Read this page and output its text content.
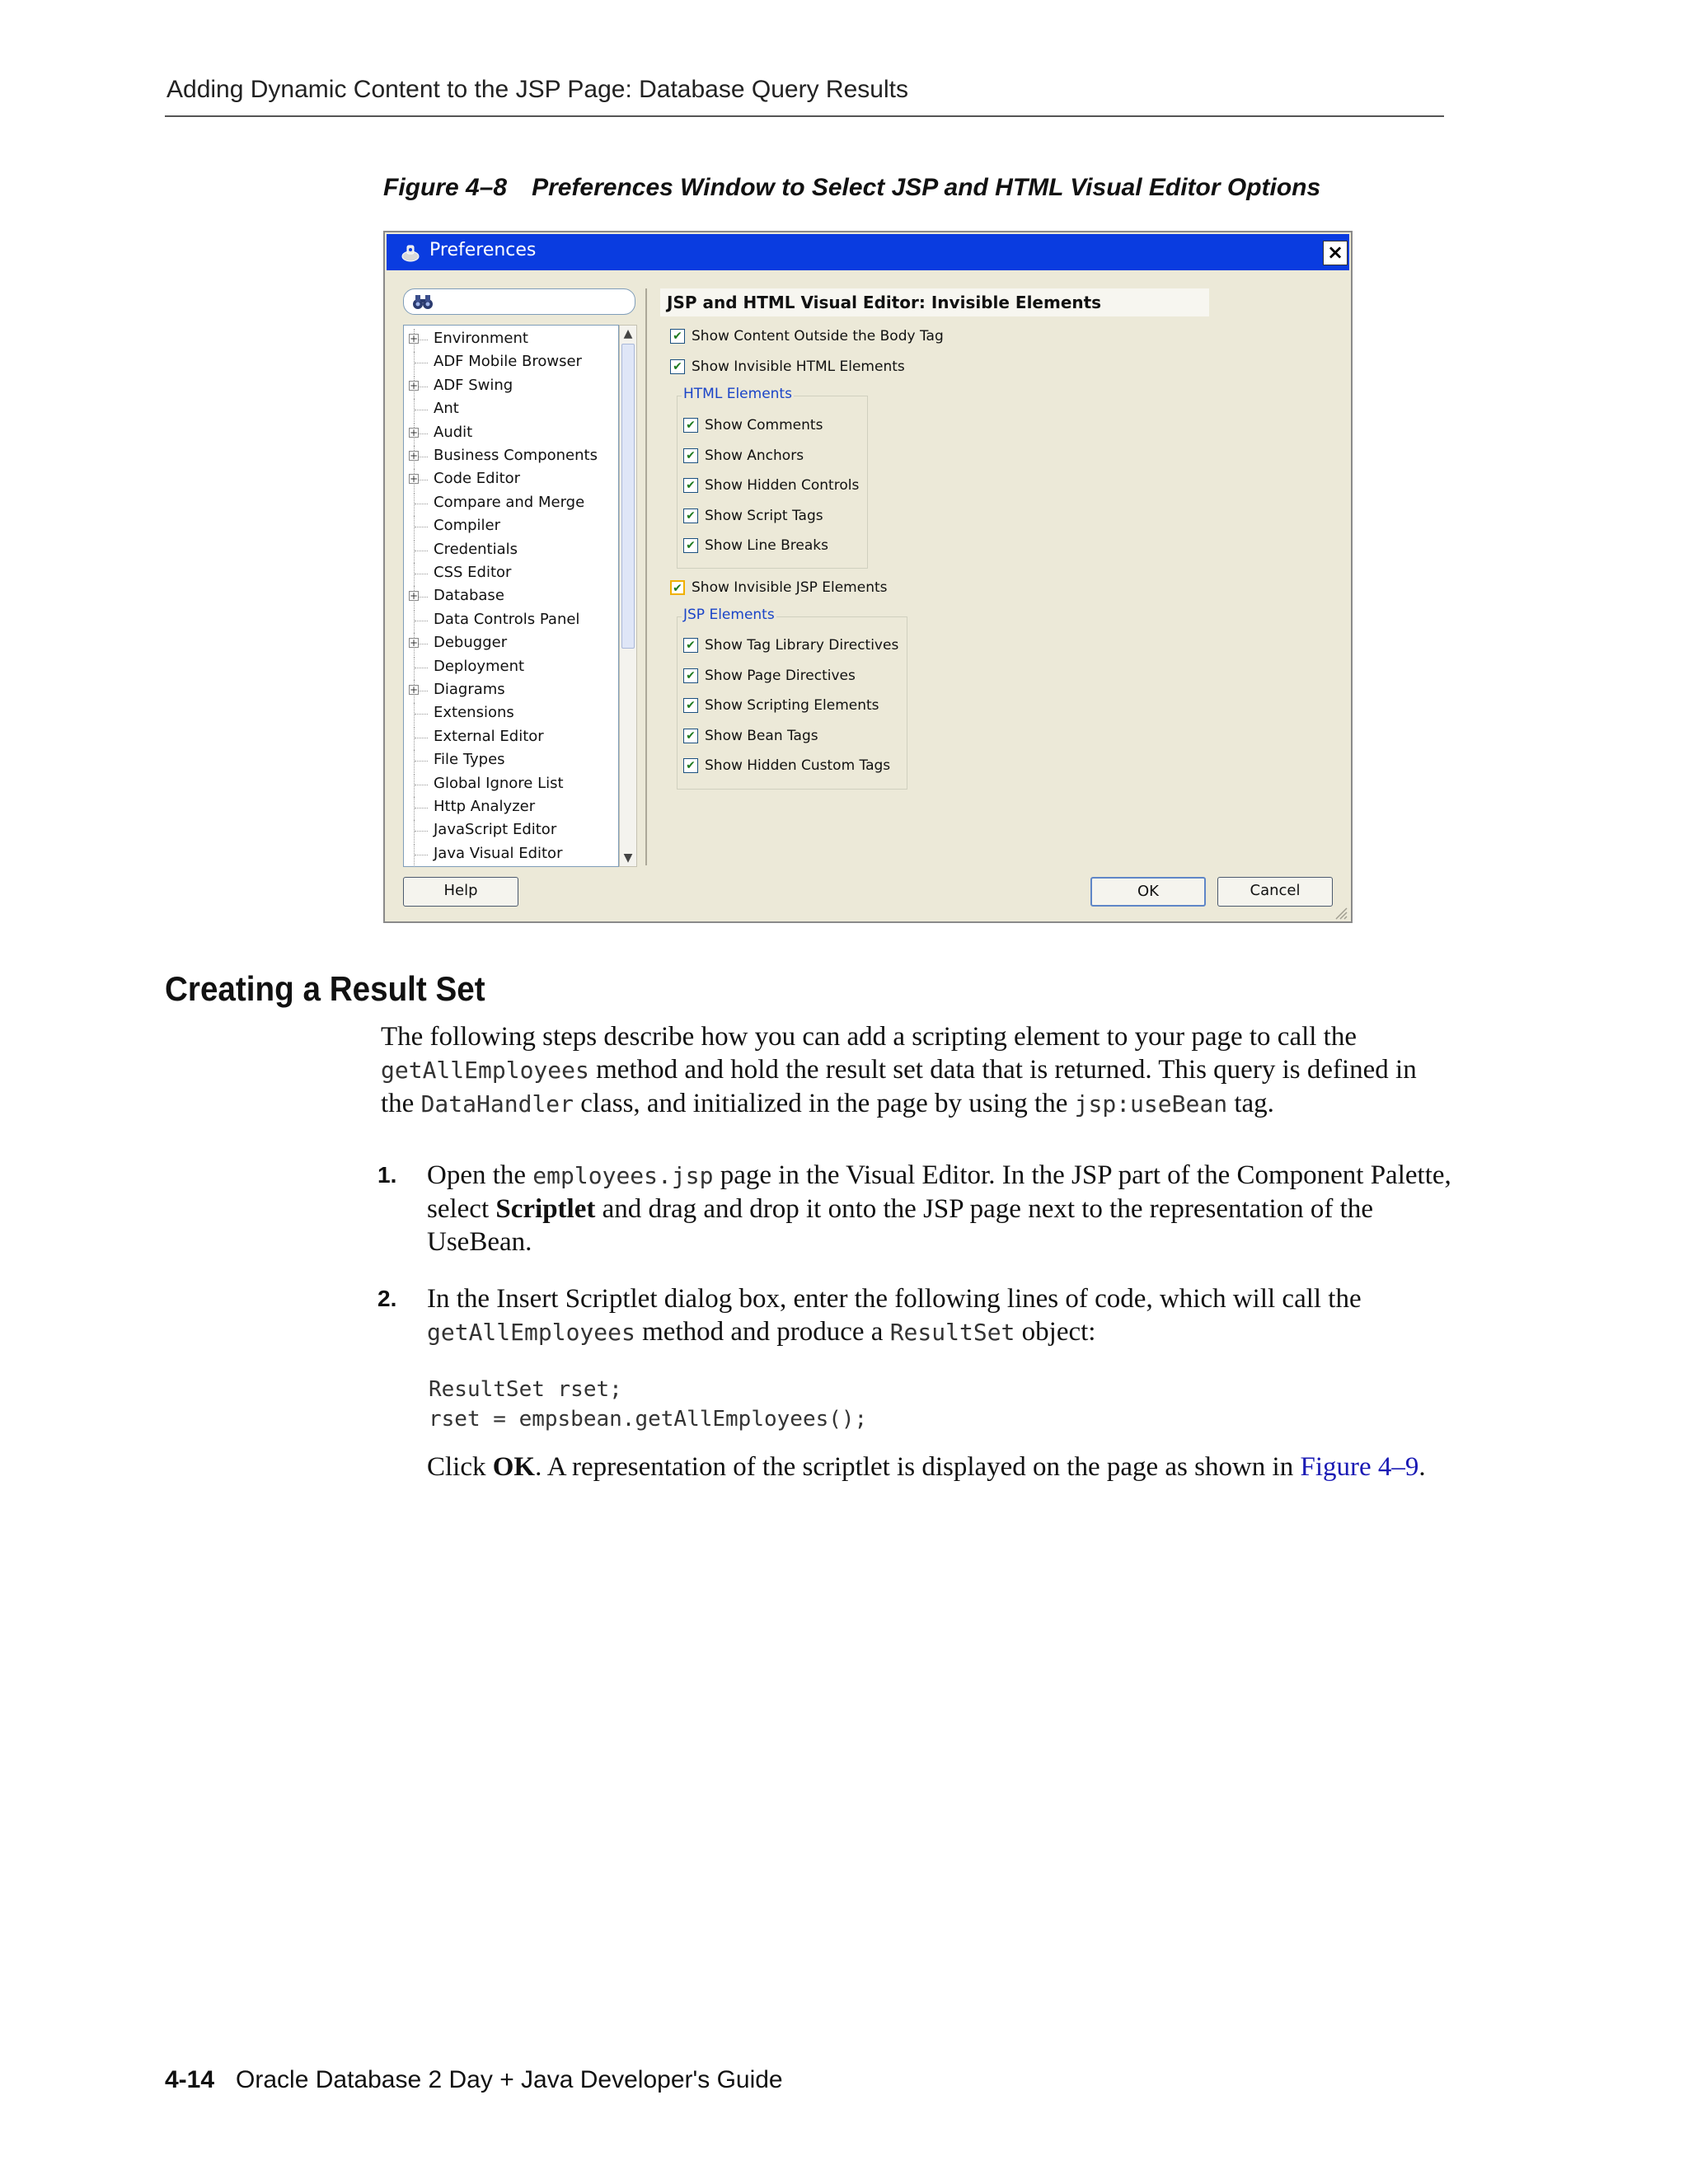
Adding Dynamic Content to the JSP Page: Database Query Results
Figure 4–8 Preferences Window to Select JSP and HTML Visual Editor Options
Preferences	×
+ Environment
ADF Mobile Browser
+ ADF Swing
Ant
+ Audit
+ Business Components
+ Code Editor
Compare and Merge
Compiler
Credentials
CSS Editor
+ Database
Data Controls Panel
+ Debugger
Deployment
+ Diagrams
Extensions
External Editor
File Types
Global Ignore List
Http Analyzer
JavaScript Editor
Java Visual Editor
▲
▼
JSP and HTML Visual Editor: Invisible Elements
✔ Show Content Outside the Body Tag
✔ Show Invisible HTML Elements
HTML Elements
✔ Show Comments
✔ Show Anchors
✔ Show Hidden Controls
✔ Show Script Tags
✔ Show Line Breaks
✔ Show Invisible JSP Elements
JSP Elements
✔ Show Tag Library Directives
✔ Show Page Directives
✔ Show Scripting Elements
✔ Show Bean Tags
✔ Show Hidden Custom Tags
Help	OK	Cancel
Creating a Result Set
The following steps describe how you can add a scripting element to your page to call the getAllEmployees method and hold the result set data that is returned. This query is defined in the DataHandler class, and initialized in the page by using the jsp:useBean tag.
1. Open the employees.jsp page in the Visual Editor. In the JSP part of the Component Palette, select Scriptlet and drag and drop it onto the JSP page next to the representation of the UseBean.
2. In the Insert Scriptlet dialog box, enter the following lines of code, which will call the getAllEmployees method and produce a ResultSet object:
ResultSet rset;
rset = empsbean.getAllEmployees();
Click OK. A representation of the scriptlet is displayed on the page as shown in Figure 4–9.
4-14 Oracle Database 2 Day + Java Developer's Guide
